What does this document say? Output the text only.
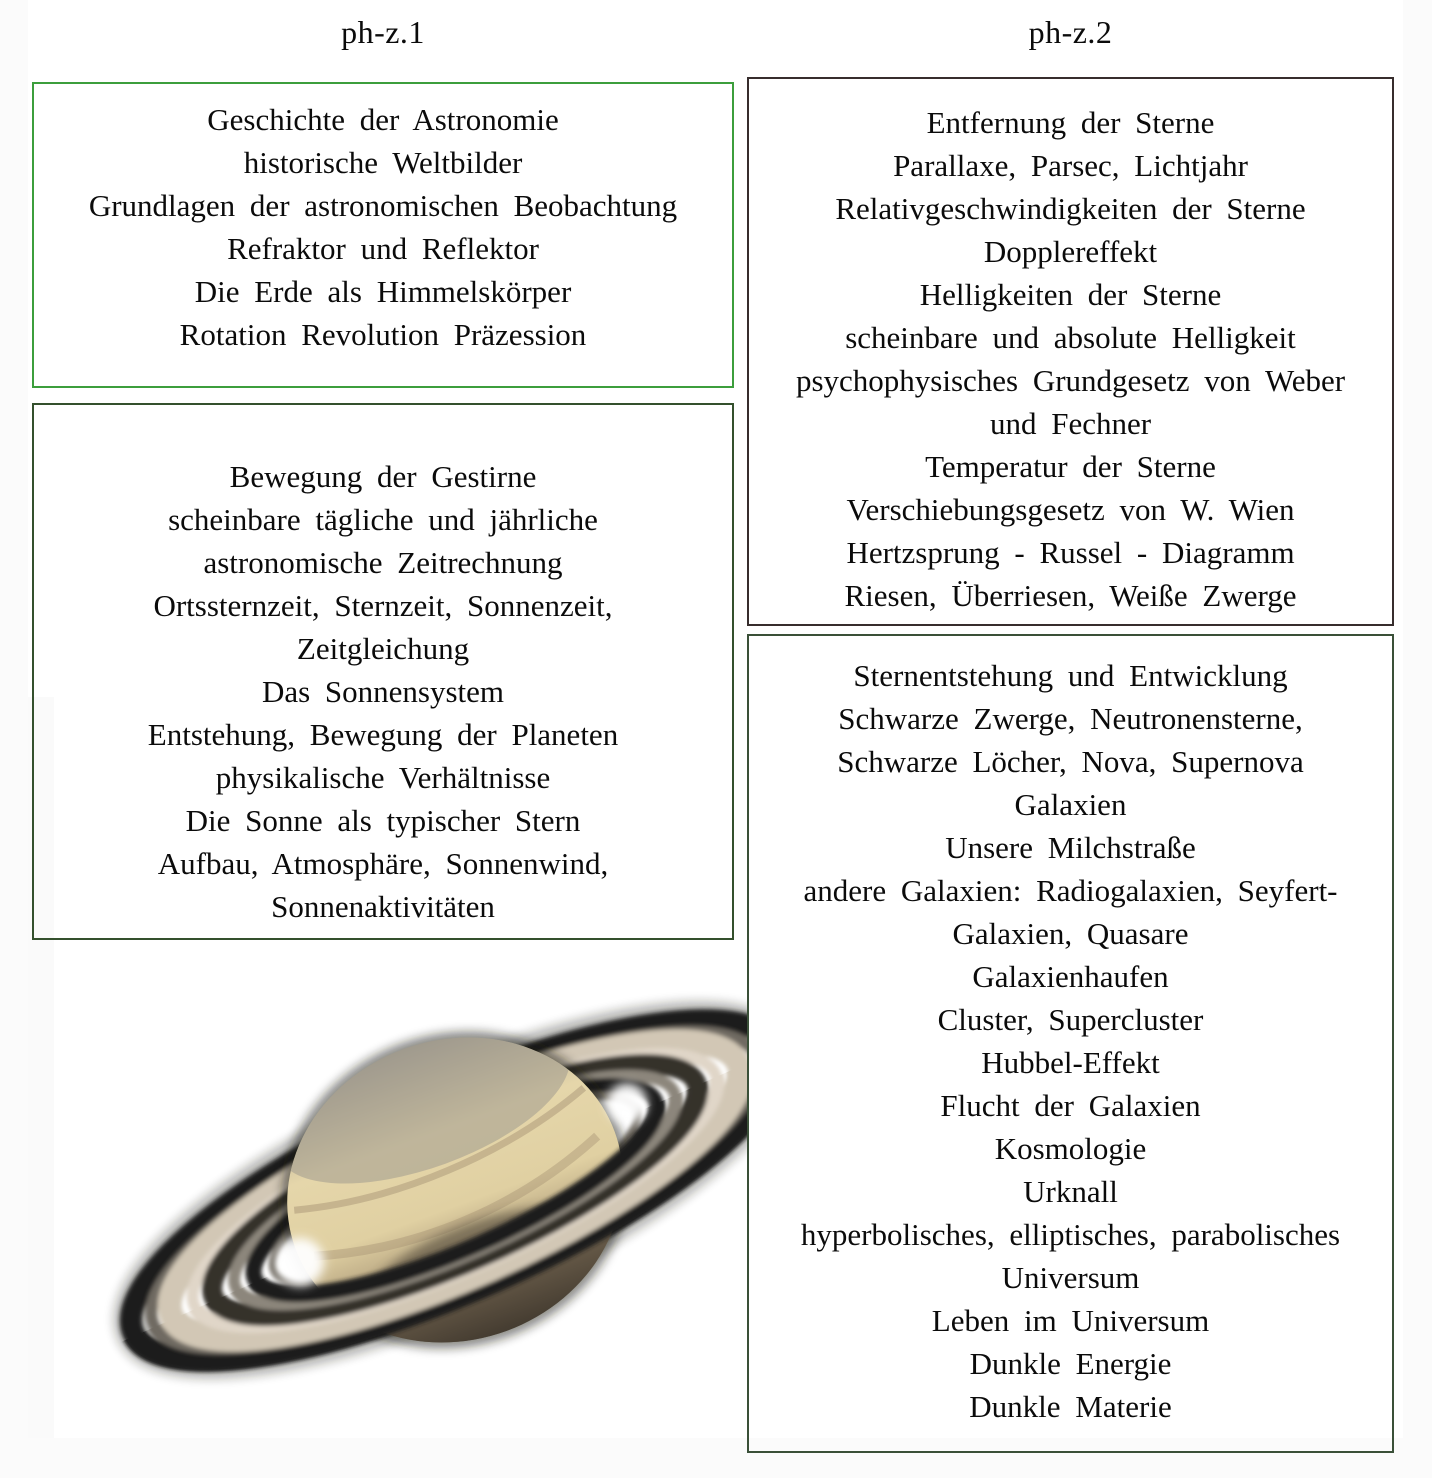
ph-z.1	ph-z.2
Geschichte der Astronomie
historische Weltbilder
Grundlagen der astronomischen Beobachtung
Refraktor und Reflektor
Die Erde als Himmelskörper
Rotation Revolution Präzession
Bewegung der Gestirne
scheinbare tägliche und jährliche
astronomische Zeitrechnung
Ortssternzeit, Sternzeit, Sonnenzeit,
Zeitgleichung
Das Sonnensystem
Entstehung, Bewegung der Planeten
physikalische Verhältnisse
Die Sonne als typischer Stern
Aufbau, Atmosphäre, Sonnenwind,
Sonnenaktivitäten
Entfernung der Sterne
Parallaxe, Parsec, Lichtjahr
Relativgeschwindigkeiten der Sterne
Dopplereffekt
Helligkeiten der Sterne
scheinbare und absolute Helligkeit
psychophysisches Grundgesetz von Weber
und Fechner
Temperatur der Sterne
Verschiebungsgesetz von W. Wien
Hertzsprung - Russel - Diagramm
Riesen, Überriesen, Weiße Zwerge
Sternentstehung und Entwicklung
Schwarze Zwerge, Neutronensterne,
Schwarze Löcher, Nova, Supernova
Galaxien
Unsere Milchstraße
andere Galaxien: Radiogalaxien, Seyfert-
Galaxien, Quasare
Galaxienhaufen
Cluster, Supercluster
Hubbel-Effekt
Flucht der Galaxien
Kosmologie
Urknall
hyperbolisches, elliptisches, parabolisches
Universum
Leben im Universum
Dunkle Energie
Dunkle Materie
